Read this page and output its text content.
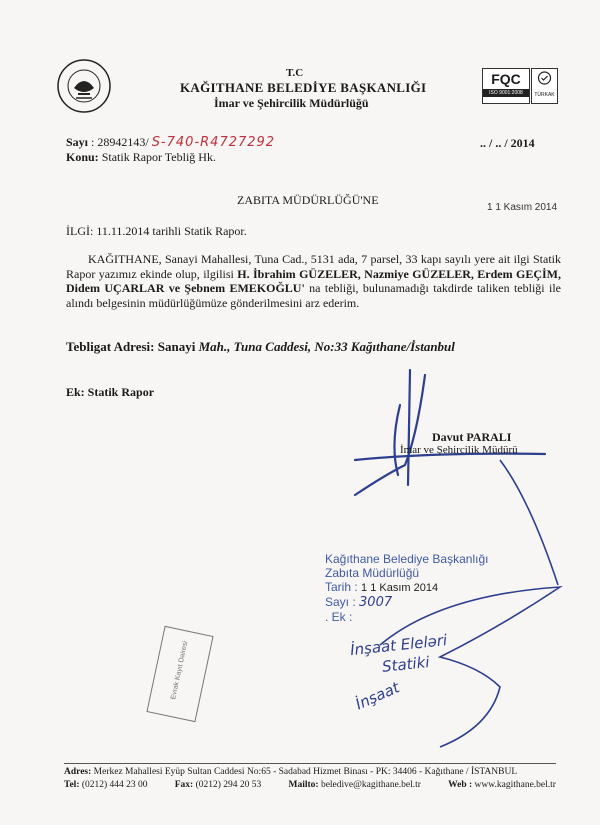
T.C
KAĞITHANE BELEDİYE BAŞKANLIĞI
İmar ve Şehircilik Müdürlüğü
FQC
ISO 9001:2008	TÜRKAK
Sayı : 28942143/ S-740-R4727292	.. / .. / 2014
Konu: Statik Rapor Tebliğ Hk.
ZABITA MÜDÜRLÜĞÜ'NE
1 1 Kasım 2014
İLGİ: 11.11.2014 tarihli Statik Rapor.

KAĞITHANE, Sanayi Mahallesi, Tuna Cad., 5131 ada, 7 parsel, 33 kapı sayılı yere ait ilgi Statik Rapor yazımız ekinde olup, ilgilisi H. İbrahim GÜZELER, Nazmiye GÜZELER, Erdem GEÇİM, Didem UÇARLAR ve Şebnem EMEKOĞLU' na tebliği, bulunamadığı takdirde taliken tebliği ile alındı belgesinin müdürlüğümüze gönderilmesini arz ederim.

Tebligat Adresi: Sanayi Mah., Tuna Caddesi, No:33 Kağıthane/İstanbul
Ek: Statik Rapor
Davut PARALI
İmar ve Şehircilik Müdürü
Kağıthane Belediye Başkanlığı
Zabıta Müdürlüğü
Tarih : 1 1 Kasım 2014
Sayı : 3007
. Ek :
İnşaat Eleləri
Statiki
İnşaat
Evrak Kayıt Dairesi
Adres: Merkez Mahallesi Eyüp Sultan Caddesi No:65 - Sadabad Hizmet Binası - PK: 34406 - Kağıthane / İSTANBUL
Tel: (0212) 444 23 00	Fax: (0212) 294 20 53	Mailto: beledive@kagithane.bel.tr	Web : www.kagithane.bel.tr
